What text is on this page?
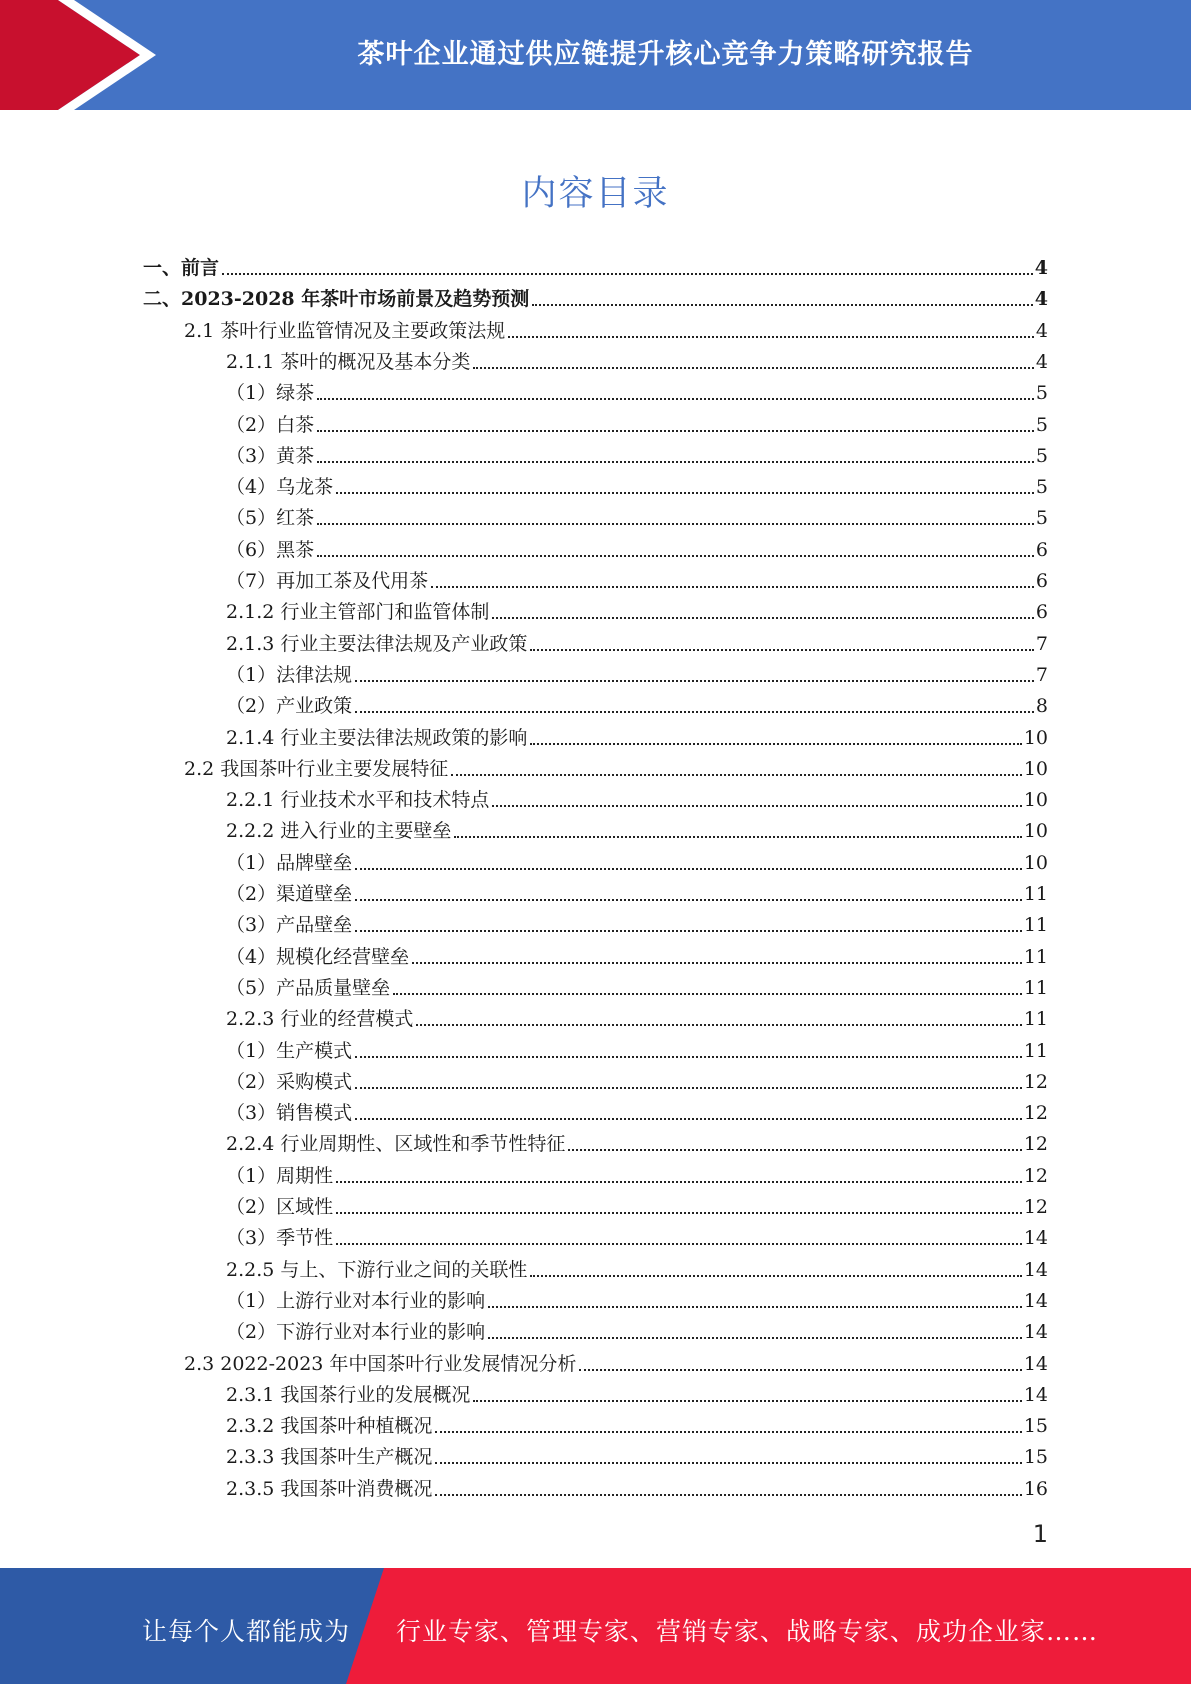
茶叶企业通过供应链提升核心竞争力策略研究报告
内容目录
一、前言	4
二、2023-2028 年茶叶市场前景及趋势预测	4
2.1 茶叶行业监管情况及主要政策法规	4
2.1.1 茶叶的概况及基本分类	4
（1）绿茶	5
（2）白茶	5
（3）黄茶	5
（4）乌龙茶	5
（5）红茶	5
（6）黑茶	6
（7）再加工茶及代用茶	6
2.1.2 行业主管部门和监管体制	6
2.1.3 行业主要法律法规及产业政策	7
（1）法律法规	7
（2）产业政策	8
2.1.4 行业主要法律法规政策的影响	10
2.2 我国茶叶行业主要发展特征	10
2.2.1 行业技术水平和技术特点	10
2.2.2 进入行业的主要壁垒	10
（1）品牌壁垒	10
（2）渠道壁垒	11
（3）产品壁垒	11
（4）规模化经营壁垒	11
（5）产品质量壁垒	11
2.2.3 行业的经营模式	11
（1）生产模式	11
（2）采购模式	12
（3）销售模式	12
2.2.4 行业周期性、区域性和季节性特征	12
（1）周期性	12
（2）区域性	12
（3）季节性	14
2.2.5 与上、下游行业之间的关联性	14
（1）上游行业对本行业的影响	14
（2）下游行业对本行业的影响	14
2.3 2022-2023 年中国茶叶行业发展情况分析	14
2.3.1 我国茶行业的发展概况	14
2.3.2 我国茶叶种植概况	15
2.3.3 我国茶叶生产概况	15
2.3.5 我国茶叶消费概况	16
1
让每个人都能成为 行业专家、管理专家、营销专家、战略专家、成功企业家……
